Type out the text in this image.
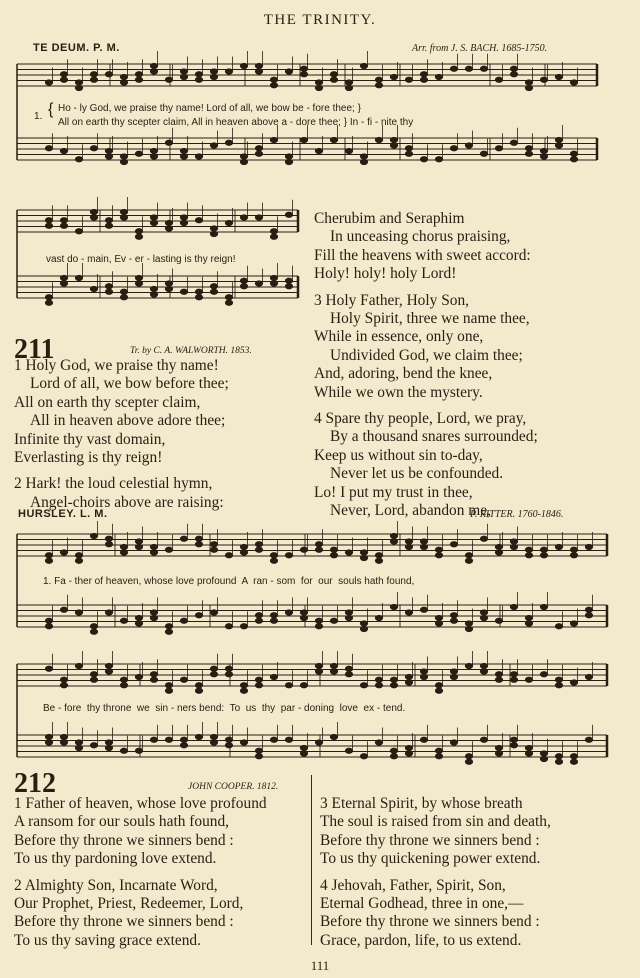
THE TRINITY.
TE DEUM. P. M.	Arr. from J. S. BACH. 1685-1750.
1. { Ho - ly God, we praise thy name! Lord of all, we bow be - fore thee; }
All on earth thy scepter claim, All in heaven above a - dore thee; } In - fi - nite thy
vast do - main, Ev - er - lasting is thy reign!
211	Tr. by C. A. WALWORTH. 1853.
1 Holy God, we praise thy name!
Lord of all, we bow before thee;
All on earth thy scepter claim,
All in heaven above adore thee;
Infinite thy vast domain,
Everlasting is thy reign!
2 Hark! the loud celestial hymn,
Angel-choirs above are raising:
Cherubim and Seraphim
In unceasing chorus praising,
Fill the heavens with sweet accord:
Holy! holy! holy Lord!
3 Holy Father, Holy Son,
Holy Spirit, three we name thee,
While in essence, only one,
Undivided God, we claim thee;
And, adoring, bend the knee,
While we own the mystery.
4 Spare thy people, Lord, we pray,
By a thousand snares surrounded;
Keep us without sin to-day,
Never let us be confounded.
Lo! I put my trust in thee,
Never, Lord, abandon me,
HURSLEY. L. M.	P. RITTER. 1760-1846.
1. Fa - ther of heaven, whose love profound  A  ran - som  for  our  souls hath found,
Be - fore  thy throne  we  sin - ners bend:  To  us  thy  par - doning  love  ex - tend.
212	JOHN COOPER. 1812.
1 Father of heaven, whose love profound
A ransom for our souls hath found,
Before thy throne we sinners bend :
To us thy pardoning love extend.
2 Almighty Son, Incarnate Word,
Our Prophet, Priest, Redeemer, Lord,
Before thy throne we sinners bend :
To us thy saving grace extend.
3 Eternal Spirit, by whose breath
The soul is raised from sin and death,
Before thy throne we sinners bend :
To us thy quickening power extend.
4 Jehovah, Father, Spirit, Son,
Eternal Godhead, three in one,—
Before thy throne we sinners bend :
Grace, pardon, life, to us extend.
111
